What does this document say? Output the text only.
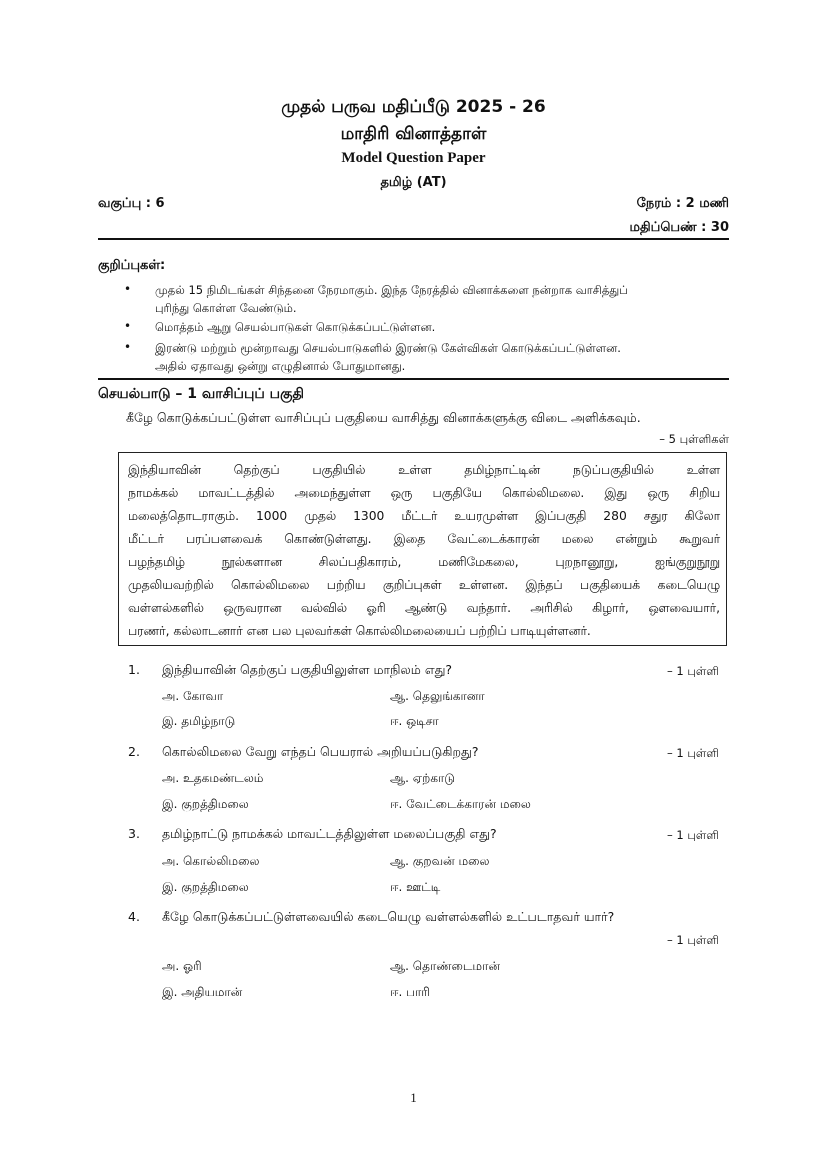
முதல் பருவ மதிப்பீடு 2025 - 26
மாதிரி வினாத்தாள்
Model Question Paper
தமிழ் (AT)
வகுப்பு : 6	நேரம் : 2 மணி
மதிப்பெண் : 30
குறிப்புகள்:
• முதல் 15 நிமிடங்கள் சிந்தனை நேரமாகும். இந்த நேரத்தில் வினாக்களை நன்றாக வாசித்துப்
புரிந்து கொள்ள வேண்டும்.
• மொத்தம் ஆறு செயல்பாடுகள் கொடுக்கப்பட்டுள்ளன.
• இரண்டு மற்றும் மூன்றாவது செயல்பாடுகளில் இரண்டு கேள்விகள் கொடுக்கப்பட்டுள்ளன.
அதில் ஏதாவது ஒன்று எழுதினால் போதுமானது.
செயல்பாடு – 1 வாசிப்புப் பகுதி
கீழே கொடுக்கப்பட்டுள்ள வாசிப்புப் பகுதியை வாசித்து வினாக்களுக்கு விடை அளிக்கவும்.
– 5 புள்ளிகள்
இந்தியாவின் தெற்குப் பகுதியில் உள்ள தமிழ்நாட்டின் நடுப்பகுதியில் உள்ள
நாமக்கல் மாவட்டத்தில் அமைந்துள்ள ஒரு பகுதியே கொல்லிமலை. இது ஒரு சிறிய
மலைத்தொடராகும். 1000 முதல் 1300 மீட்டர் உயரமுள்ள இப்பகுதி 280 சதுர கிலோ
மீட்டர் பரப்பளவைக் கொண்டுள்ளது. இதை வேட்டைக்காரன் மலை என்றும் கூறுவர்
பழந்தமிழ் நூல்களான சிலப்பதிகாரம், மணிமேகலை, புறநானூறு, ஐங்குறுநூறு
முதலியவற்றில் கொல்லிமலை பற்றிய குறிப்புகள் உள்ளன. இந்தப் பகுதியைக் கடையெழு
வள்ளல்களில் ஒருவரான வல்வில் ஓரி ஆண்டு வந்தார். அரிசில் கிழார், ஔவையார்,
பரணர், கல்லாடனார் என பல புலவர்கள் கொல்லிமலையைப் பற்றிப் பாடியுள்ளனர்.
1. இந்தியாவின் தெற்குப் பகுதியிலுள்ள மாநிலம் எது?	– 1 புள்ளி
அ. கோவா	ஆ. தெலுங்கானா
இ. தமிழ்நாடு	ஈ. ஒடிசா
2. கொல்லிமலை வேறு எந்தப் பெயரால் அறியப்படுகிறது?	– 1 புள்ளி
அ. உதகமண்டலம்	ஆ. ஏற்காடு
இ. குறத்திமலை	ஈ. வேட்டைக்காரன் மலை
3. தமிழ்நாட்டு நாமக்கல் மாவட்டத்திலுள்ள மலைப்பகுதி எது?	– 1 புள்ளி
அ. கொல்லிமலை	ஆ. குறவன் மலை
இ. குறத்திமலை	ஈ. ஊட்டி
4. கீழே கொடுக்கப்பட்டுள்ளவையில் கடையெழு வள்ளல்களில் உட்படாதவர் யார்?
– 1 புள்ளி
அ. ஓரி	ஆ. தொண்டைமான்
இ. அதியமான்	ஈ. பாரி
1
